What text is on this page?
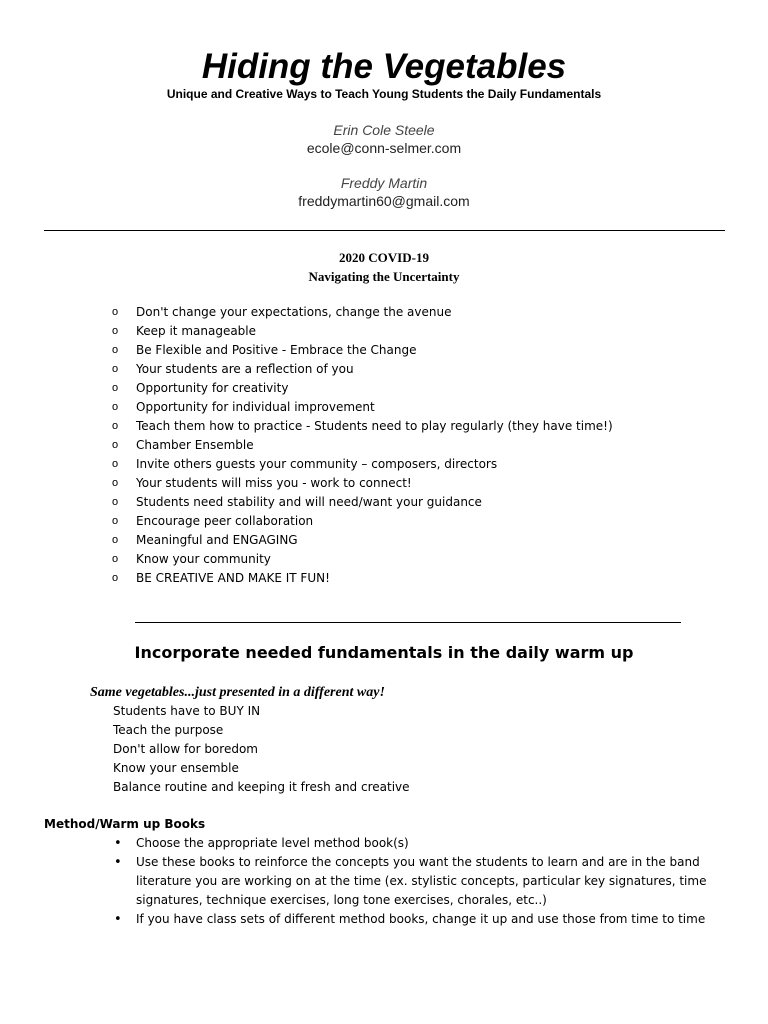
Hiding the Vegetables
Unique and Creative Ways to Teach Young Students the Daily Fundamentals
Erin Cole Steele
ecole@conn-selmer.com
Freddy Martin
freddymartin60@gmail.com
2020 COVID-19
Navigating the Uncertainty
o	Don't change your expectations, change the avenue
o	Keep it manageable
o	Be Flexible and Positive - Embrace the Change
o	Your students are a reflection of you
o	Opportunity for creativity
o	Opportunity for individual improvement
o	Teach them how to practice - Students need to play regularly (they have time!)
o	Chamber Ensemble
o	Invite others guests your community – composers, directors
o	Your students will miss you - work to connect!
o	Students need stability and will need/want your guidance
o	Encourage peer collaboration
o	Meaningful and ENGAGING
o	Know your community
o	BE CREATIVE AND MAKE IT FUN!
Incorporate needed fundamentals in the daily warm up
Same vegetables...just presented in a different way!
Students have to BUY IN
Teach the purpose
Don't allow for boredom
Know your ensemble
Balance routine and keeping it fresh and creative
Method/Warm up Books
• Choose the appropriate level method book(s)
• Use these books to reinforce the concepts you want the students to learn and are in the band literature you are working on at the time (ex. stylistic concepts, particular key signatures, time signatures, technique exercises, long tone exercises, chorales, etc..)
• If you have class sets of different method books, change it up and use those from time to time
